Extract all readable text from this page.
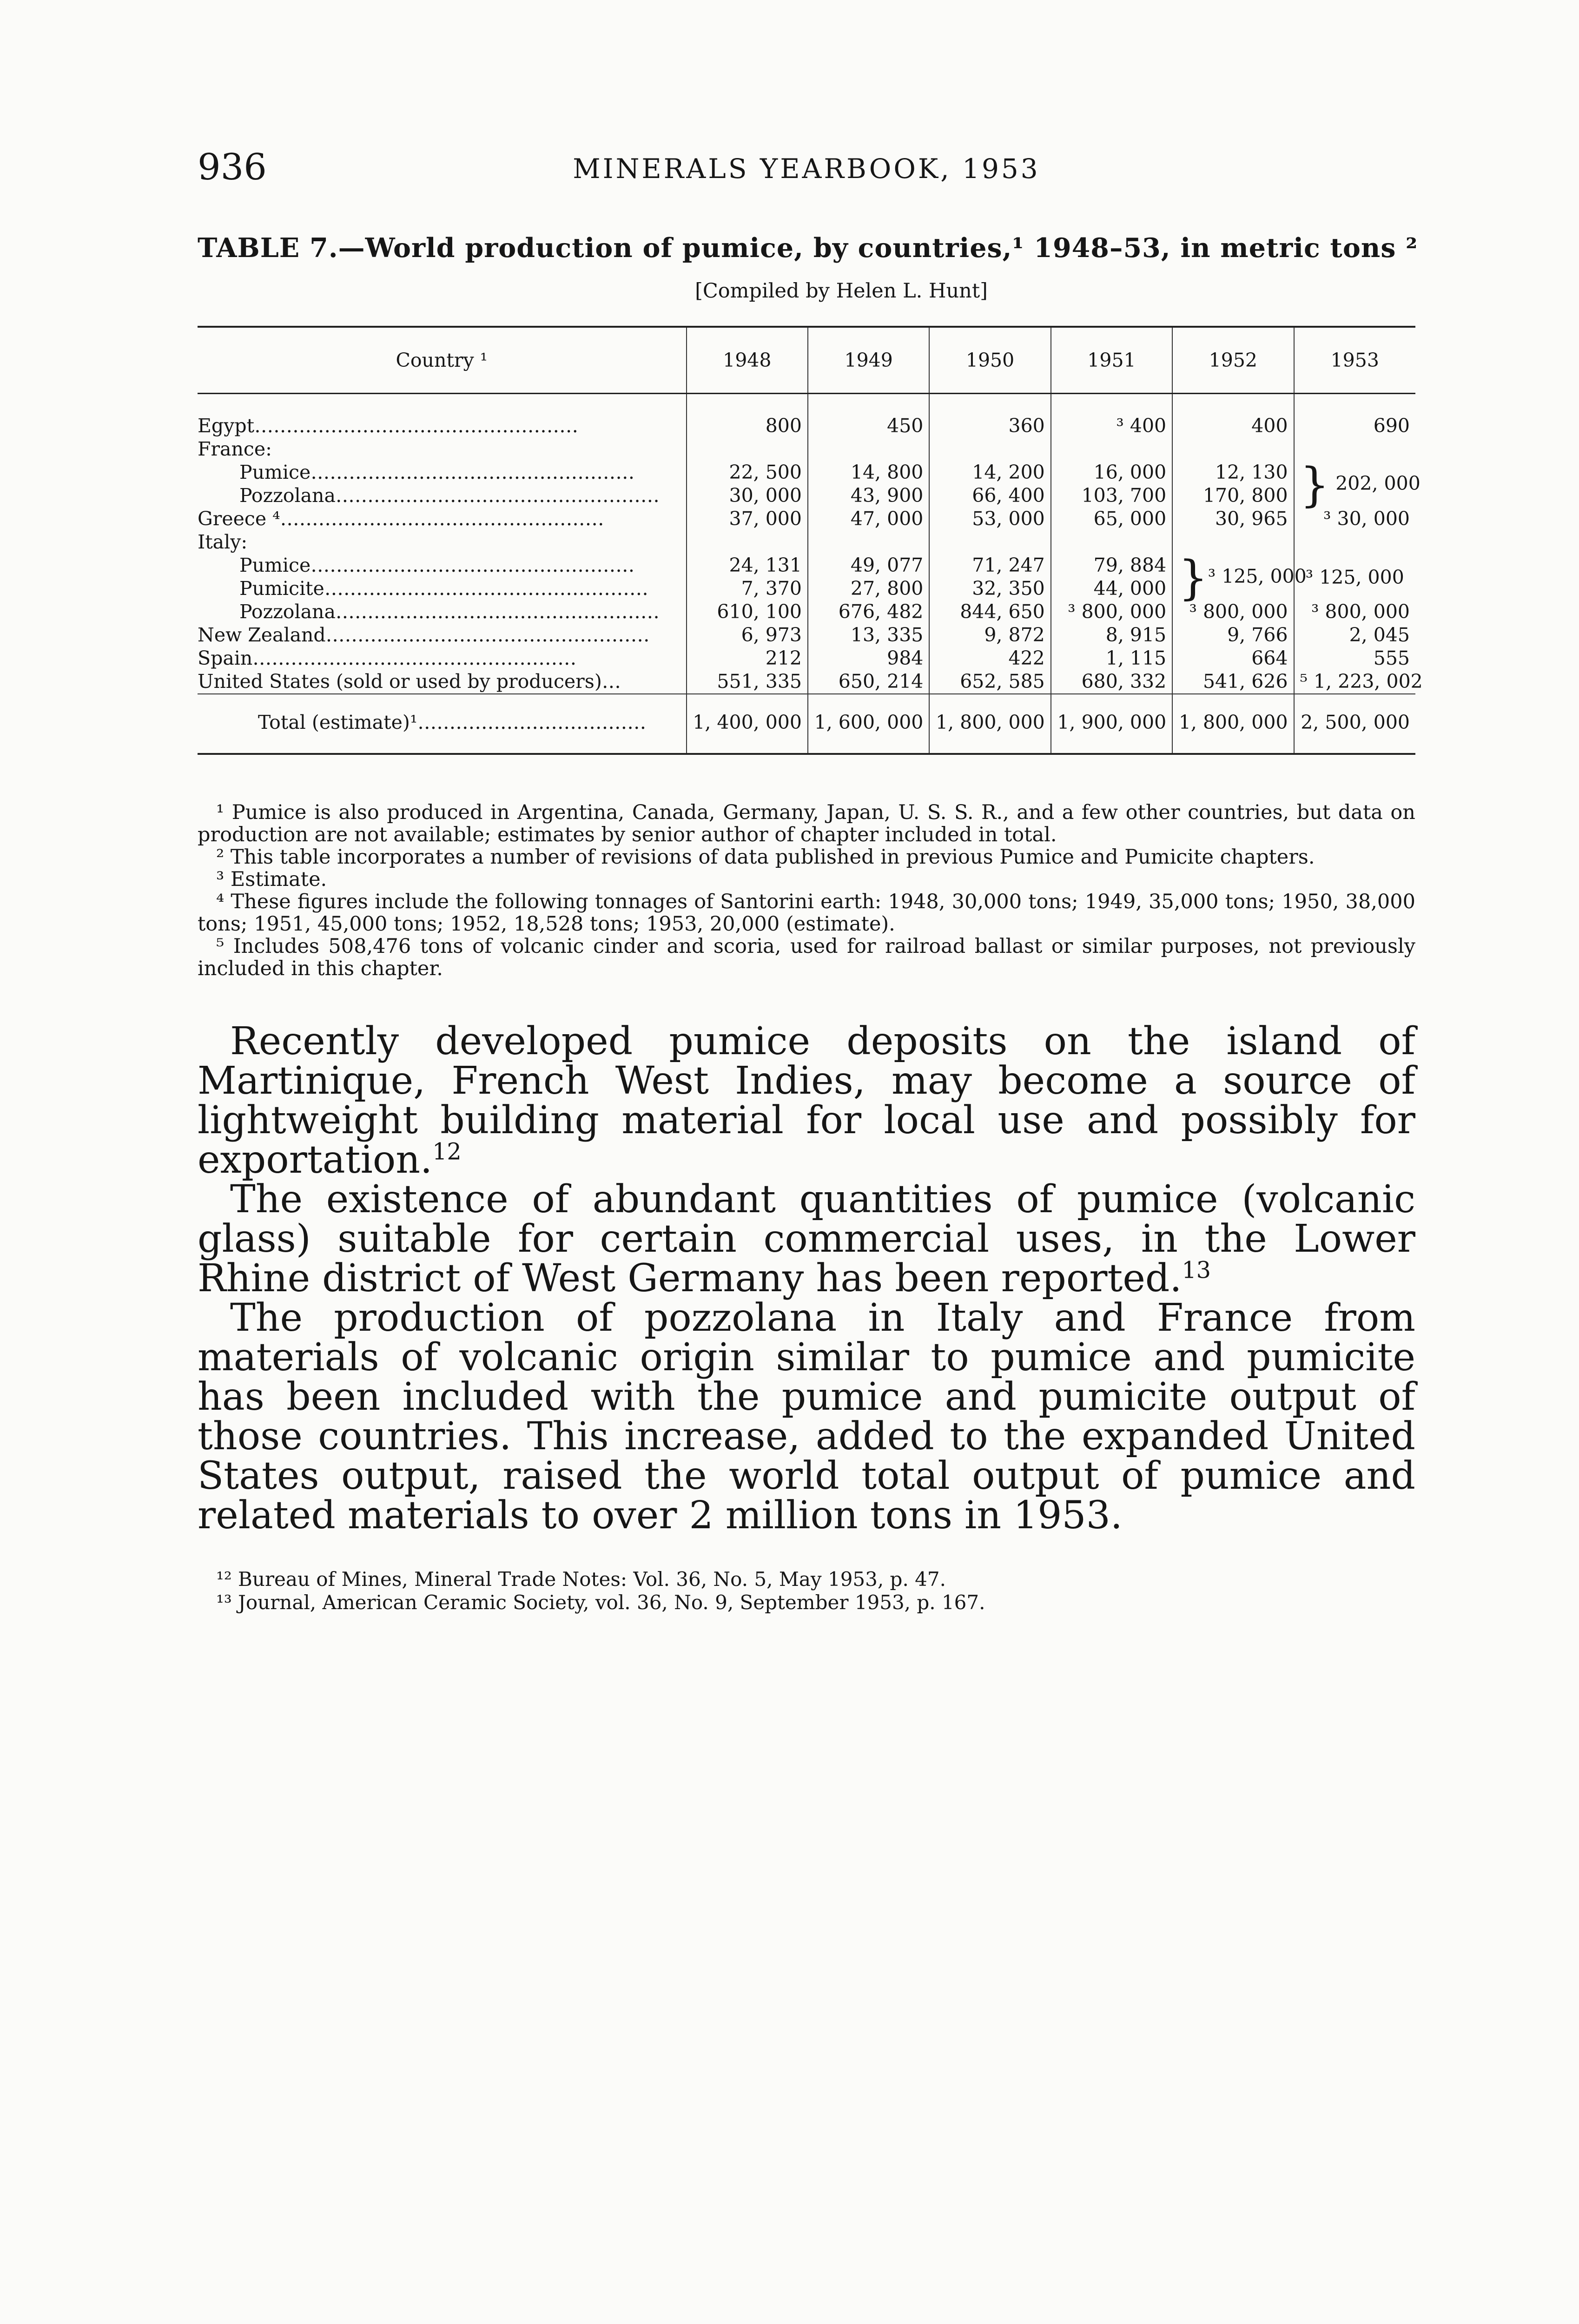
936	MINERALS YEARBOOK, 1953
TABLE 7.—World production of pumice, by countries,¹ 1948–53, in metric tons ²
[Compiled by Helen L. Hunt]
Country ¹	1948	1949	1950	1951	1952	1953
Egypt……………………………………………	800	450	360	³ 400	400	690
France:						
Pumice……………………………………………	22, 500	14, 800	14, 200	16, 000	12, 130	} 202, 000
Pozzolana……………………………………………	30, 000	43, 900	66, 400	103, 700	170, 800	
Greece ⁴……………………………………………	37, 000	47, 000	53, 000	65, 000	30, 965	³ 30, 000
Italy:						
Pumice……………………………………………	24, 131	49, 077	71, 247	79, 884	}³ 125, 000	³ 125, 000
Pumicite……………………………………………	7, 370	27, 800	32, 350	44, 000		
Pozzolana……………………………………………	610, 100	676, 482	844, 650	³ 800, 000	³ 800, 000	³ 800, 000
New Zealand……………………………………………	6, 973	13, 335	9, 872	8, 915	9, 766	2, 045
Spain……………………………………………	212	984	422	1, 115	664	555
United States (sold or used by producers)…	551, 335	650, 214	652, 585	680, 332	541, 626	⁵ 1, 223, 002
Total (estimate)¹………………………………	1, 400, 000	1, 600, 000	1, 800, 000	1, 900, 000	1, 800, 000	2, 500, 000

¹ Pumice is also produced in Argentina, Canada, Germany, Japan, U. S. S. R., and a few other countries, but data on production are not available; estimates by senior author of chapter included in total.

² This table incorporates a number of revisions of data published in previous Pumice and Pumicite chapters.

³ Estimate.

⁴ These figures include the following tonnages of Santorini earth: 1948, 30,000 tons; 1949, 35,000 tons; 1950, 38,000 tons; 1951, 45,000 tons; 1952, 18,528 tons; 1953, 20,000 (estimate).

⁵ Includes 508,476 tons of volcanic cinder and scoria, used for railroad ballast or similar purposes, not previously included in this chapter.

Recently developed pumice deposits on the island of Martinique, French West Indies, may become a source of lightweight building material for local use and possibly for exportation.$^{12}$

The existence of abundant quantities of pumice (volcanic glass) suitable for certain commercial uses, in the Lower Rhine district of West Germany has been reported.$^{13}$

The production of pozzolana in Italy and France from materials of volcanic origin similar to pumice and pumicite has been included with the pumice and pumicite output of those countries. This increase, added to the expanded United States output, raised the world total output of pumice and related materials to over 2 million tons in 1953.

¹² Bureau of Mines, Mineral Trade Notes: Vol. 36, No. 5, May 1953, p. 47.

¹³ Journal, American Ceramic Society, vol. 36, No. 9, September 1953, p. 167.
